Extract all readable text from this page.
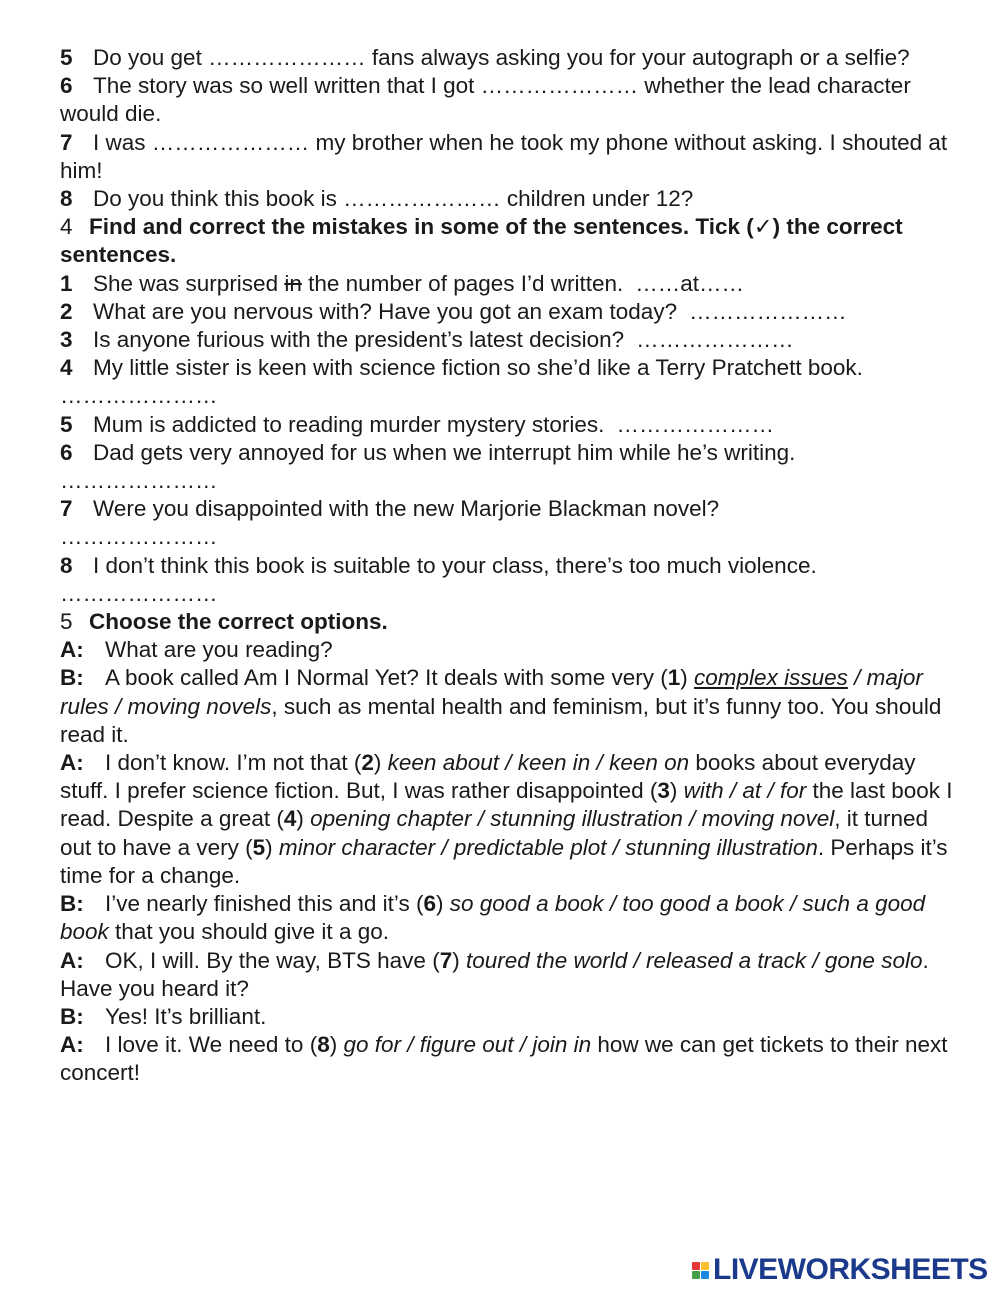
5 Do you get ………………… fans always asking you for your autograph or a selfie?
6 The story was so well written that I got ………………… whether the lead character would die.
7 I was ………………… my brother when he took my phone without asking. I shouted at him!
8 Do you think this book is ………………… children under 12?
4 Find and correct the mistakes in some of the sentences. Tick (✓) the correct sentences.
1 She was surprised in the number of pages I’d written. ……at……
2 What are you nervous with? Have you got an exam today? …………………
3 Is anyone furious with the president’s latest decision? …………………
4 My little sister is keen with science fiction so she’d like a Terry Pratchett book.…………………
5 Mum is addicted to reading murder mystery stories. …………………
6 Dad gets very annoyed for us when we interrupt him while he’s writing.
…………………
7 Were you disappointed with the new Marjorie Blackman novel?
…………………
8 I don’t think this book is suitable to your class, there’s too much violence.
…………………
5 Choose the correct options.
A: What are you reading?
B: A book called Am I Normal Yet? It deals with some very (1) complex issues / major rules / moving novels, such as mental health and feminism, but it’s funny too. You should read it.
A: I don’t know. I’m not that (2) keen about / keen in / keen on books about everyday stuff. I prefer science fiction. But, I was rather disappointed (3) with / at / for the last book I read. Despite a great (4) opening chapter / stunning illustration / moving novel, it turned out to have a very (5) minor character / predictable plot / stunning illustration. Perhaps it’s time for a change.
B: I’ve nearly finished this and it’s (6) so good a book / too good a book / such a good book that you should give it a go.
A: OK, I will. By the way, BTS have (7) toured the world / released a track / gone solo. Have you heard it?
B: Yes! It’s brilliant.
A: I love it. We need to (8) go for / figure out / join in how we can get tickets to their next concert!
LIVEWORKSHEETS
